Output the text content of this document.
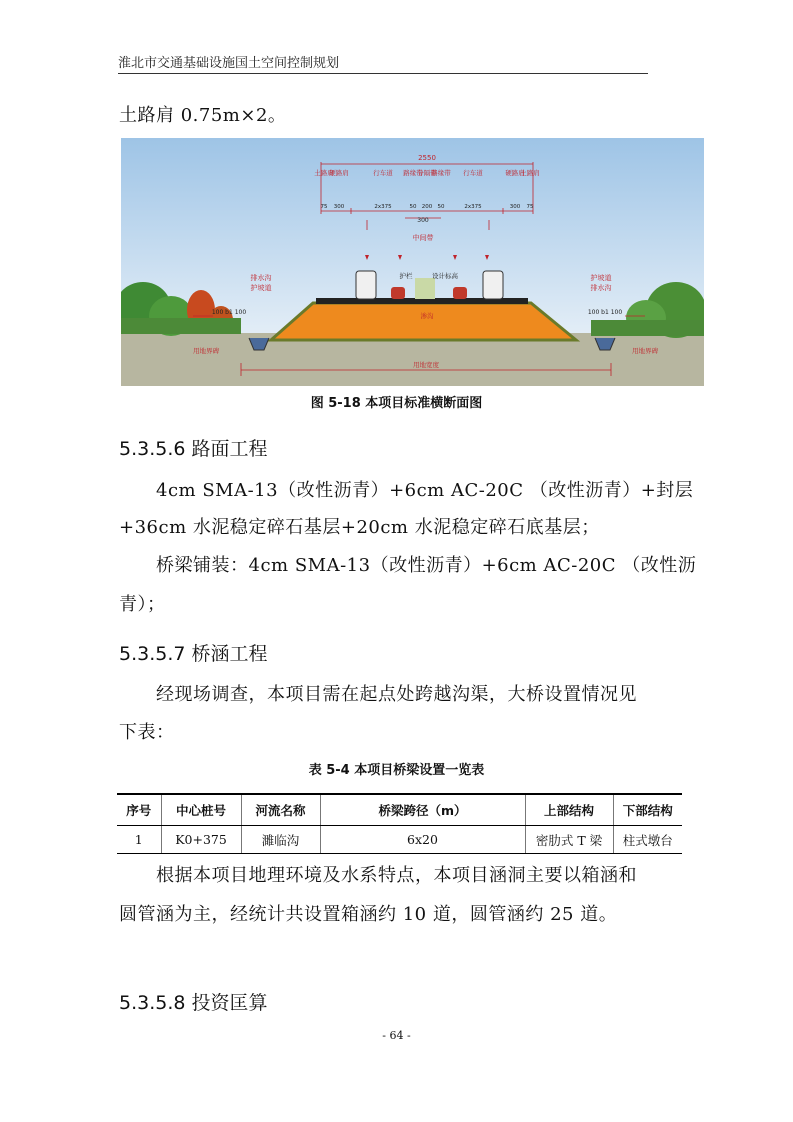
淮北市交通基础设施国土空间控制规划
土路肩 0.75m×2。
2550
土路肩
硬路肩	行车道 路缘带
分隔带
路缘带 行车道	硬路肩
土路肩
75 300	2x375	50 200 50	2x375	300 75
300
中间带
排水沟
护坡道
护坡道
排水沟
100 b1 100	100 b1 100
护栏	设计标高
渗沟
用地界碑	用地界碑
用地宽度
图 5-18 本项目标准横断面图
5.3.5.6 路面工程
4cm SMA-13（改性沥青）+6cm AC-20C （改性沥青）+封层
+36cm 水泥稳定碎石基层+20cm 水泥稳定碎石底基层；
桥梁铺装：4cm SMA-13（改性沥青）+6cm AC-20C （改性沥
青）；
5.3.5.7 桥涵工程
经现场调查，本项目需在起点处跨越沟渠，大桥设置情况见
下表：
表 5-4 本项目桥梁设置一览表
序号	中心桩号	河流名称	桥梁跨径（m）	上部结构	下部结构
1	K0+375	濉临沟	6x20	密肋式 T 梁	柱式墩台
根据本项目地理环境及水系特点，本项目涵洞主要以箱涵和
圆管涵为主，经统计共设置箱涵约 10 道，圆管涵约 25 道。
5.3.5.8 投资匡算
- 64 -
